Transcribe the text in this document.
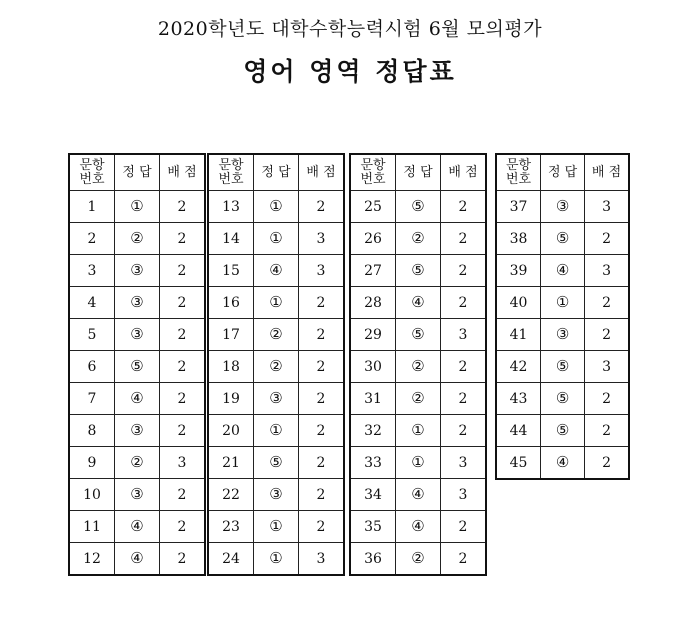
2020학년도 대학수학능력시험 6월 모의평가
영어 영역 정답표
문항
번호	정 답	배 점
1	①	2
2	②	2
3	③	2
4	③	2
5	③	2
6	⑤	2
7	④	2
8	③	2
9	②	3
10	③	2
11	④	2
12	④	2
문항
번호	정 답	배 점
13	①	2
14	①	3
15	④	3
16	①	2
17	②	2
18	②	2
19	③	2
20	①	2
21	⑤	2
22	③	2
23	①	2
24	①	3
문항
번호	정 답	배 점
25	⑤	2
26	②	2
27	⑤	2
28	④	2
29	⑤	3
30	②	2
31	②	2
32	①	2
33	①	3
34	④	3
35	④	2
36	②	2
문항
번호	정 답	배 점
37	③	3
38	⑤	2
39	④	3
40	①	2
41	③	2
42	⑤	3
43	⑤	2
44	⑤	2
45	④	2
